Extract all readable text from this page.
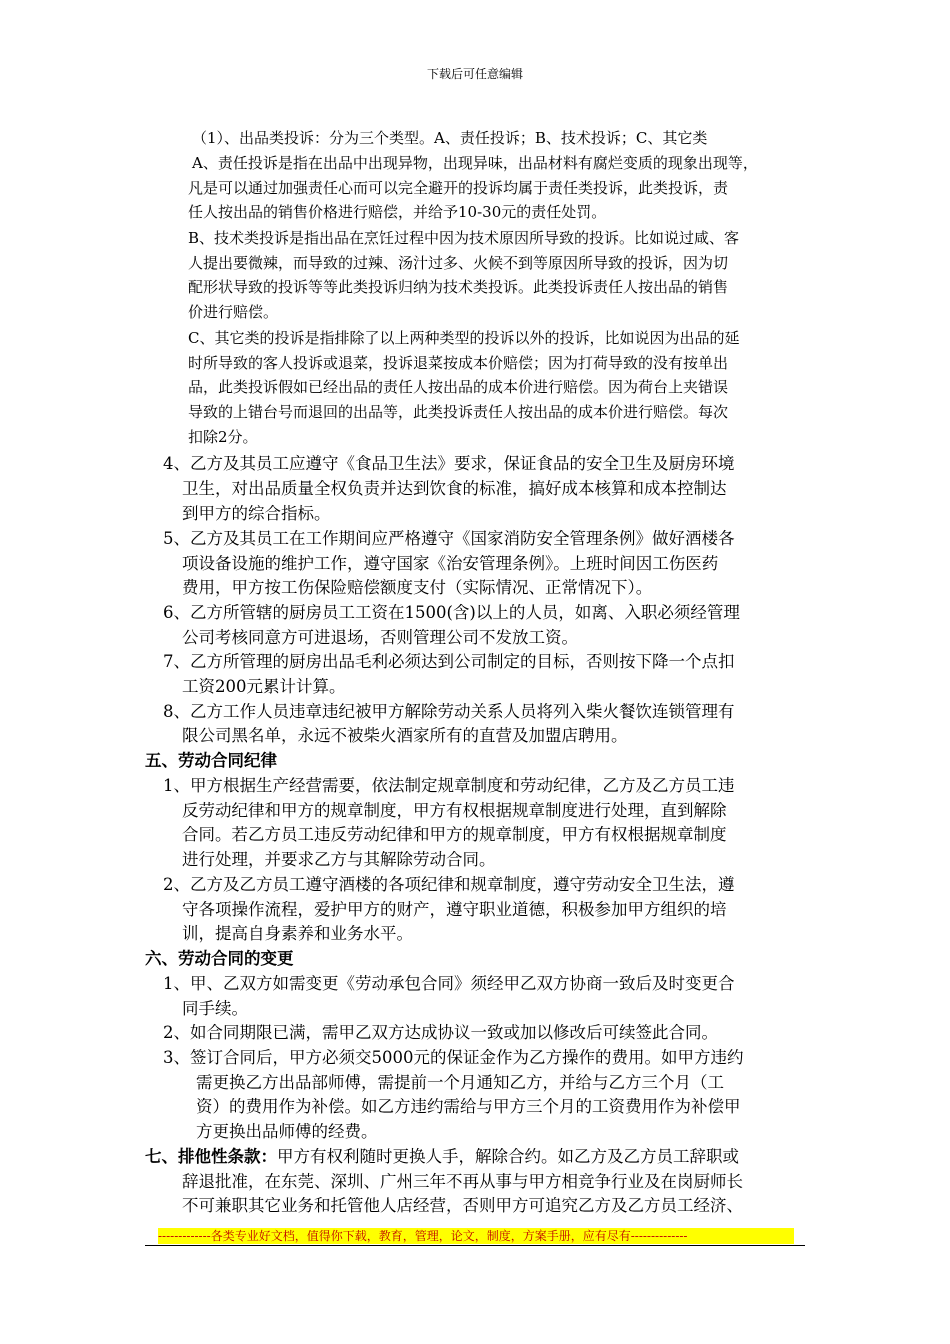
下载后可任意编辑
（1）、出品类投诉：分为三个类型。A、责任投诉；B、技术投诉；C、其它类
A、责任投诉是指在出品中出现异物，出现异味，出品材料有腐烂变质的现象出现等，
凡是可以通过加强责任心而可以完全避开的投诉均属于责任类投诉，此类投诉，责
任人按出品的销售价格进行赔偿，并给予10-30元的责任处罚。
B、技术类投诉是指出品在烹饪过程中因为技术原因所导致的投诉。比如说过咸、客
人提出要微辣，而导致的过辣、汤汁过多、火候不到等原因所导致的投诉，因为切
配形状导致的投诉等等此类投诉归纳为技术类投诉。此类投诉责任人按出品的销售
价进行赔偿。
C、其它类的投诉是指排除了以上两种类型的投诉以外的投诉，比如说因为出品的延
时所导致的客人投诉或退菜，投诉退菜按成本价赔偿；因为打荷导致的没有按单出
品，此类投诉假如已经出品的责任人按出品的成本价进行赔偿。因为荷台上夹错误
导致的上错台号而退回的出品等，此类投诉责任人按出品的成本价进行赔偿。每次
扣除2分。
4、乙方及其员工应遵守《食品卫生法》要求，保证食品的安全卫生及厨房环境
卫生，对出品质量全权负责并达到饮食的标准，搞好成本核算和成本控制达
到甲方的综合指标。
5、乙方及其员工在工作期间应严格遵守《国家消防安全管理条例》做好酒楼各
项设备设施的维护工作，遵守国家《治安管理条例》。上班时间因工伤医药
费用，甲方按工伤保险赔偿额度支付（实际情况、正常情况下）。
6、乙方所管辖的厨房员工工资在1500(含)以上的人员，如离、入职必须经管理
公司考核同意方可进退场，否则管理公司不发放工资。
7、乙方所管理的厨房出品毛利必须达到公司制定的目标，否则按下降一个点扣
工资200元累计计算。
8、乙方工作人员违章违纪被甲方解除劳动关系人员将列入柴火餐饮连锁管理有
限公司黑名单，永远不被柴火酒家所有的直营及加盟店聘用。
五、劳动合同纪律
1、甲方根据生产经营需要，依法制定规章制度和劳动纪律，乙方及乙方员工违
反劳动纪律和甲方的规章制度，甲方有权根据规章制度进行处理，直到解除
合同。若乙方员工违反劳动纪律和甲方的规章制度，甲方有权根据规章制度
进行处理，并要求乙方与其解除劳动合同。
2、乙方及乙方员工遵守酒楼的各项纪律和规章制度，遵守劳动安全卫生法，遵
守各项操作流程，爱护甲方的财产，遵守职业道德，积极参加甲方组织的培
训，提高自身素养和业务水平。
六、劳动合同的变更
1、甲、乙双方如需变更《劳动承包合同》须经甲乙双方协商一致后及时变更合
同手续。
2、如合同期限已满，需甲乙双方达成协议一致或加以修改后可续签此合同。
3、签订合同后，甲方必须交5000元的保证金作为乙方操作的费用。如甲方违约
需更换乙方出品部师傅，需提前一个月通知乙方，并给与乙方三个月（工
资）的费用作为补偿。如乙方违约需给与甲方三个月的工资费用作为补偿甲
方更换出品师傅的经费。
七、排他性条款：甲方有权利随时更换人手，解除合约。如乙方及乙方员工辞职或
辞退批准，在东莞、深圳、广州三年不再从事与甲方相竞争行业及在岗厨师长
不可兼职其它业务和托管他人店经营，否则甲方可追究乙方及乙方员工经济、
-------------各类专业好文档，值得你下载，教育，管理，论文，制度，方案手册，应有尽有--------------
